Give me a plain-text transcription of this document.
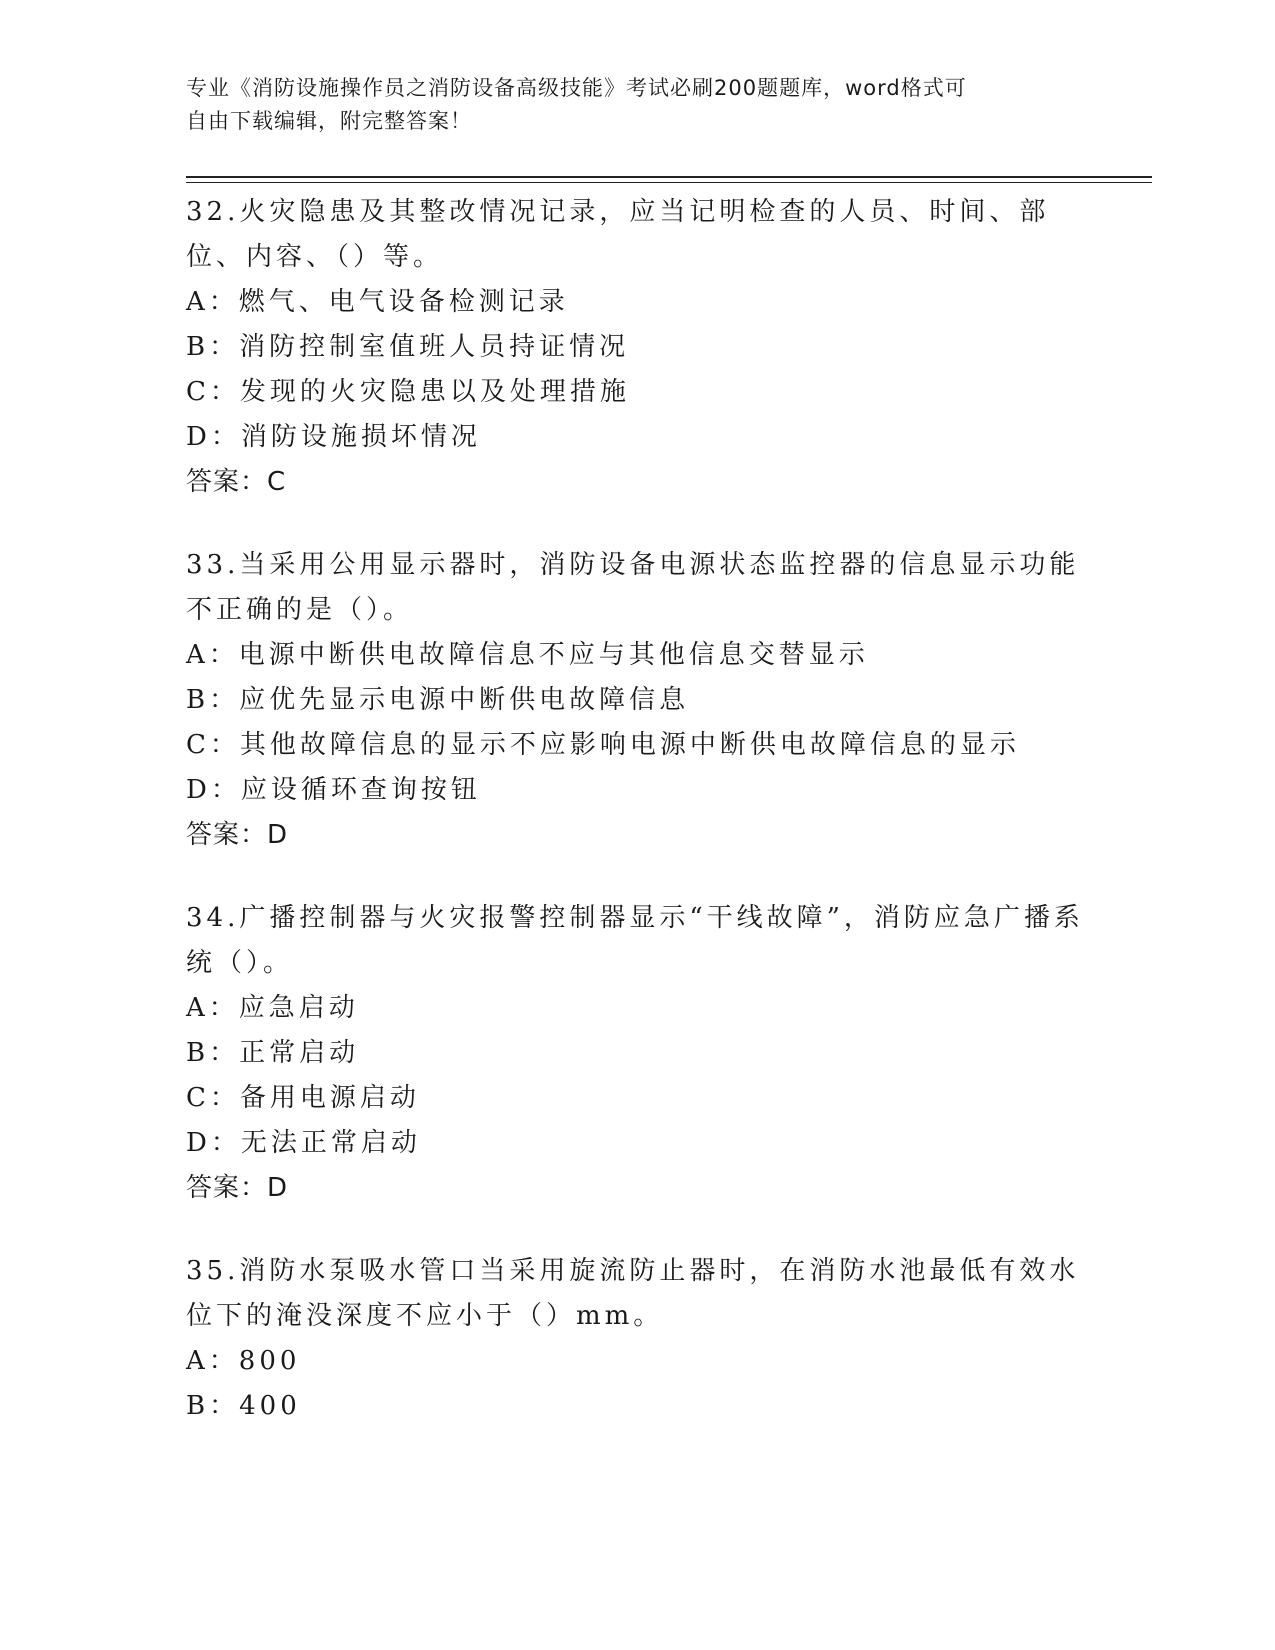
专业《消防设施操作员之消防设备高级技能》考试必刷200题题库，word格式可
自由下载编辑，附完整答案！
32.火灾隐患及其整改情况记录，应当记明检查的人员、时间、部位、内容、（）等。
A：燃气、电气设备检测记录
B：消防控制室值班人员持证情况
C：发现的火灾隐患以及处理措施
D：消防设施损坏情况
答案：C
33.当采用公用显示器时，消防设备电源状态监控器的信息显示功能不正确的是（）。
A：电源中断供电故障信息不应与其他信息交替显示
B：应优先显示电源中断供电故障信息
C：其他故障信息的显示不应影响电源中断供电故障信息的显示
D：应设循环查询按钮
答案：D
34.广播控制器与火灾报警控制器显示“干线故障”，消防应急广播系统（）。
A：应急启动
B：正常启动
C：备用电源启动
D：无法正常启动
答案：D
35.消防水泵吸水管口当采用旋流防止器时，在消防水池最低有效水位下的淹没深度不应小于（）mm。
A：800
B：400
